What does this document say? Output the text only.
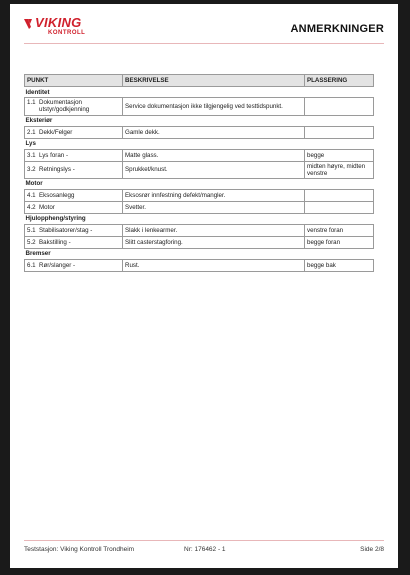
VIKING
KONTROLL	ANMERKNINGER
PUNKT	BESKRIVELSE	PLASSERING
Identitet		
1.1 Dokumentasjon utstyr/godkjenning	Service dokumentasjon ikke tilgjengelig ved testtidspunkt.	
Eksteriør		
2.1 Dekk/Felger	Gamle dekk.	
Lys		
3.1 Lys foran -	Matte glass.	begge
3.2 Retningslys -	Sprukket/knust.	midten høyre, midten venstre
Motor		
4.1 Eksosanlegg	Eksosrør innfestning defekt/mangler.	
4.2 Motor	Svetter.	
Hjuloppheng/styring		
5.1 Stabilisatorer/stag -	Slakk i lenkearmer.	venstre foran
5.2 Bakstilling -	Slitt casterstagforing.	begge foran
Bremser		
6.1 Rør/slanger -	Rust.	begge bak
Teststasjon: Viking Kontroll Trondheim	Nr: 176462 - 1	Side 2/8
